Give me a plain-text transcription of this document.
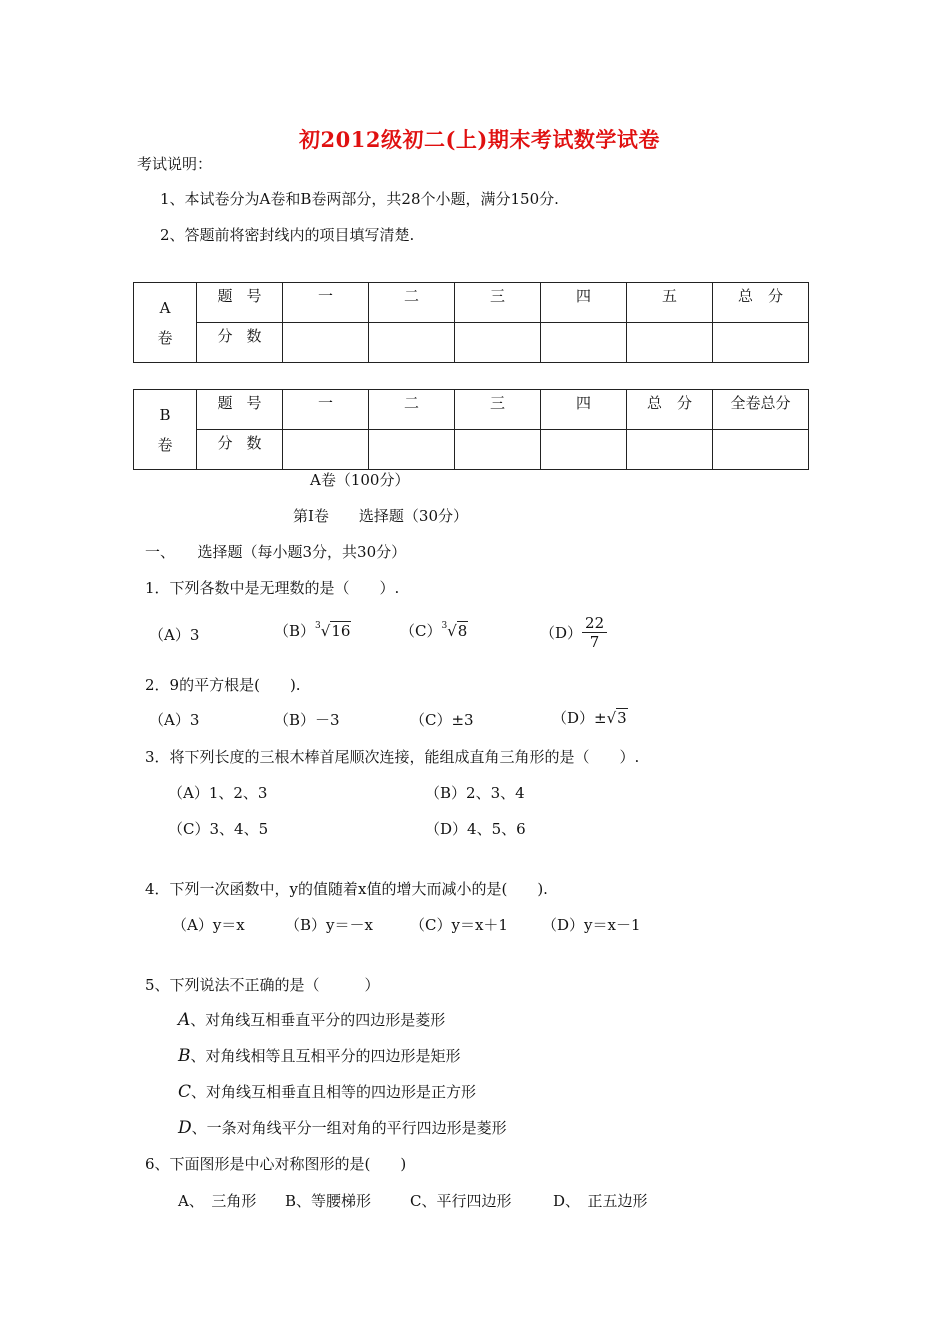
初2012级初二(上)期末考试数学试卷
考试说明：
1、本试卷分为A卷和B卷两部分，共28个小题，满分150分.
2、答题前将密封线内的项目填写清楚.
A
卷	题号	一	二	三	四	五	总　分
	分数						
B
卷	题号	一	二	三	四	总　分	全卷总分
	分数						
A卷（100分）
第Ⅰ卷　　选择题（30分）
一、　　选择题（每小题3分，共30分）
1．下列各数中是无理数的是（　　）.
（A）3	$(B)^3√16$	$(C)^3√8$	$(D) \frac{22}{7}$
2．9的平方根是(　　).
（A）3	（B）－3	（C）±3	（D）±√3
3．将下列长度的三根木棒首尾顺次连接，能组成直角三角形的是（　　）.
（A）1、2、3	（B）2、3、4
（C）3、4、5	（D）4、5、6
4．下列一次函数中，y的值随着x值的增大而减小的是(　　).
（A）y＝x	（B）y＝－x （C）y＝x＋1 （D）y＝x－1
5、下列说法不正确的是（　　　）
A、对角线互相垂直平分的四边形是菱形
B、对角线相等且互相平分的四边形是矩形
C、对角线互相垂直且相等的四边形是正方形
D、一条对角线平分一组对角的平行四边形是菱形
6、下面图形是中心对称图形的是(　　)
A、　三角形 B、等腰梯形	C、平行四边形	D、　正五边形
